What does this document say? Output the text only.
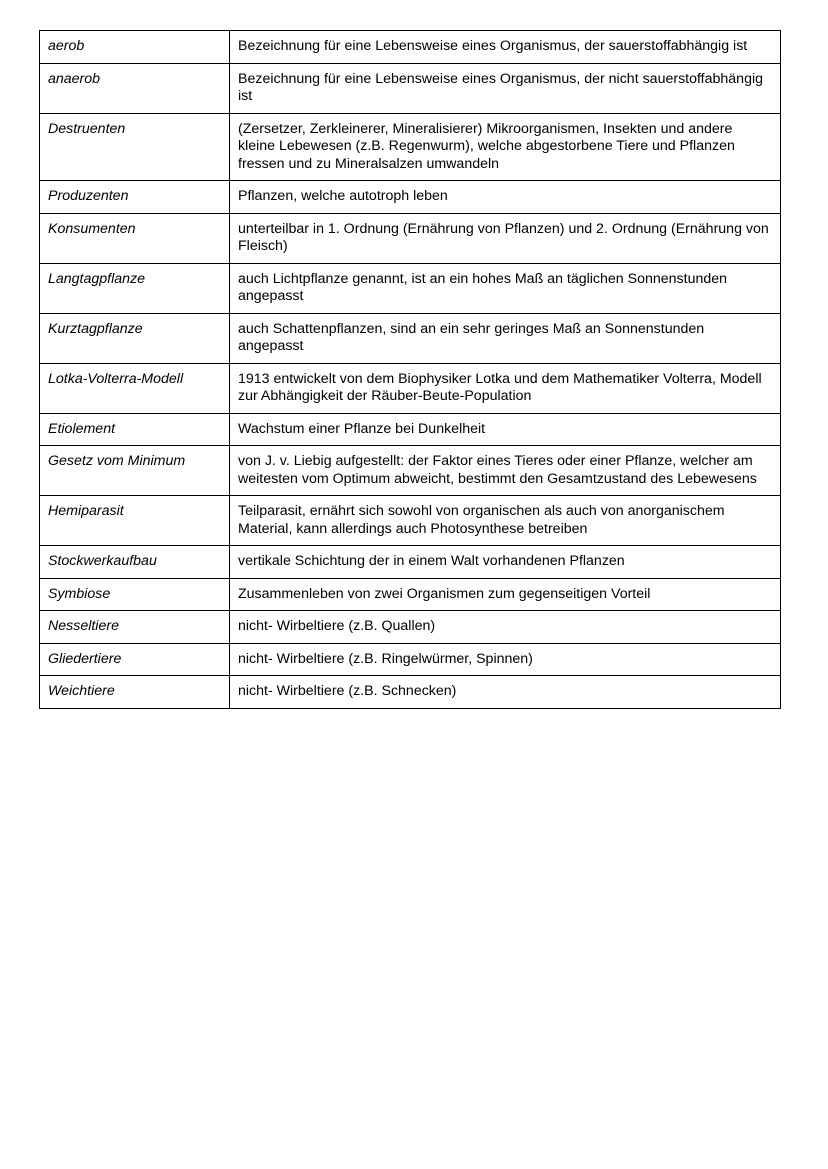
aerob	Bezeichnung für eine Lebensweise eines Organismus, der sauerstoffabhängig ist
anaerob	Bezeichnung für eine Lebensweise eines Organismus, der nicht sauerstoffabhängig ist
Destruenten	(Zersetzer, Zerkleinerer, Mineralisierer) Mikroorganismen, Insekten und andere kleine Lebewesen (z.B. Regenwurm), welche abgestorbene Tiere und Pflanzen fressen und zu Mineralsalzen umwandeln
Produzenten	Pflanzen, welche autotroph leben
Konsumenten	unterteilbar in 1. Ordnung (Ernährung von Pflanzen) und 2. Ordnung (Ernährung von Fleisch)
Langtagpflanze	auch Lichtpflanze genannt, ist an ein hohes Maß an täglichen Sonnenstunden angepasst
Kurztagpflanze	auch Schattenpflanzen, sind an ein sehr geringes Maß an Sonnenstunden angepasst
Lotka-Volterra-Modell	1913 entwickelt von dem Biophysiker Lotka und dem Mathematiker Volterra, Modell zur Abhängigkeit der Räuber-Beute-Population
Etiolement	Wachstum einer Pflanze bei Dunkelheit
Gesetz vom Minimum	von J. v. Liebig aufgestellt: der Faktor eines Tieres oder einer Pflanze, welcher am weitesten vom Optimum abweicht, bestimmt den Gesamtzustand des Lebewesens
Hemiparasit	Teilparasit, ernährt sich sowohl von organischen als auch von anorganischem Material, kann allerdings auch Photosynthese betreiben
Stockwerkaufbau	vertikale Schichtung der in einem Walt vorhandenen Pflanzen
Symbiose	Zusammenleben von zwei Organismen zum gegenseitigen Vorteil
Nesseltiere	nicht- Wirbeltiere (z.B. Quallen)
Gliedertiere	nicht- Wirbeltiere (z.B. Ringelwürmer, Spinnen)
Weichtiere	nicht- Wirbeltiere (z.B. Schnecken)
